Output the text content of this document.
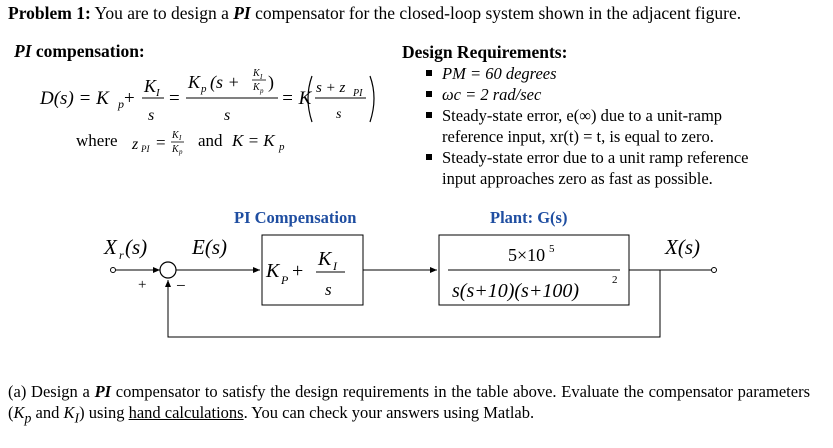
Problem 1: You are to design a PI compensator for the closed-loop system shown in the adjacent figure.
PI compensation:
D(s) = K p +
K I
s
=
K p (s + K I
K p )
s
= K s + z PI
s
where z PI = K I
K p
and K = K p
Design Requirements:
PM = 60 degrees
ωc = 2 rad/sec
Steady-state error, e(∞) due to a unit-ramp
reference input, xr(t) = t, is equal to zero.
Steady-state error due to a unit ramp reference
input approaches zero as fast as possible.
PI Compensation	Plant: G(s)
+ −
K P +
K I
s
5×10 5
s(s+10)(s+100)	2
X r (s) E(s)	X(s)
(a) Design a PI compensator to satisfy the design requirements in the table above. Evaluate the compensator parameters ($K_p$ and $K_I$) using hand calculations. You can check your answers using Matlab.
